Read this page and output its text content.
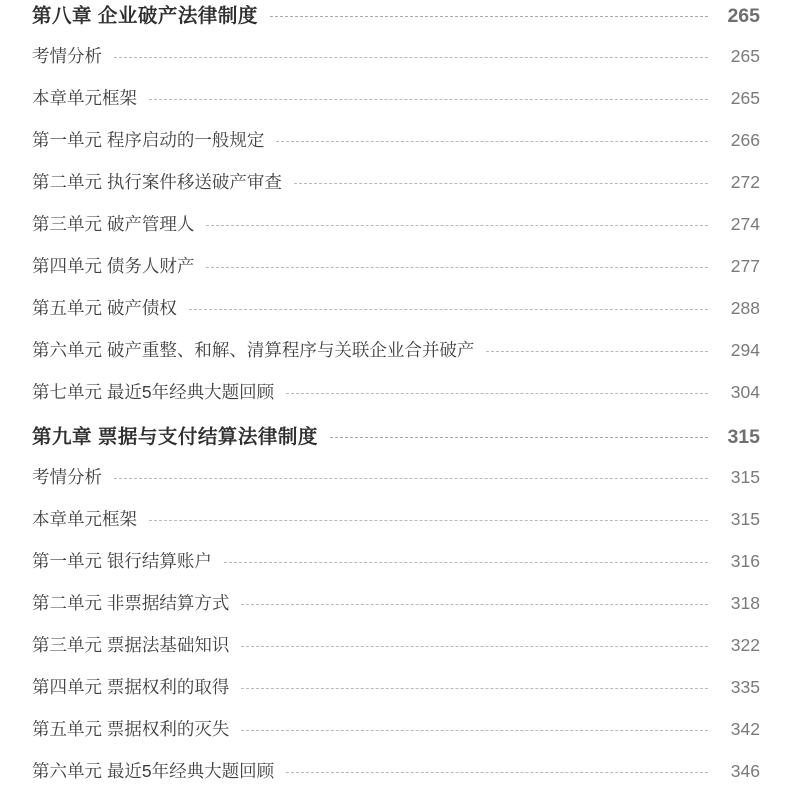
第八章 企业破产法律制度	265
考情分析	265
本章单元框架	265
第一单元 程序启动的一般规定	266
第二单元 执行案件移送破产审查	272
第三单元 破产管理人	274
第四单元 债务人财产	277
第五单元 破产债权	288
第六单元 破产重整、和解、清算程序与关联企业合并破产	294
第七单元 最近5年经典大题回顾	304
第九章 票据与支付结算法律制度	315
考情分析	315
本章单元框架	315
第一单元 银行结算账户	316
第二单元 非票据结算方式	318
第三单元 票据法基础知识	322
第四单元 票据权利的取得	335
第五单元 票据权利的灭失	342
第六单元 最近5年经典大题回顾	346
